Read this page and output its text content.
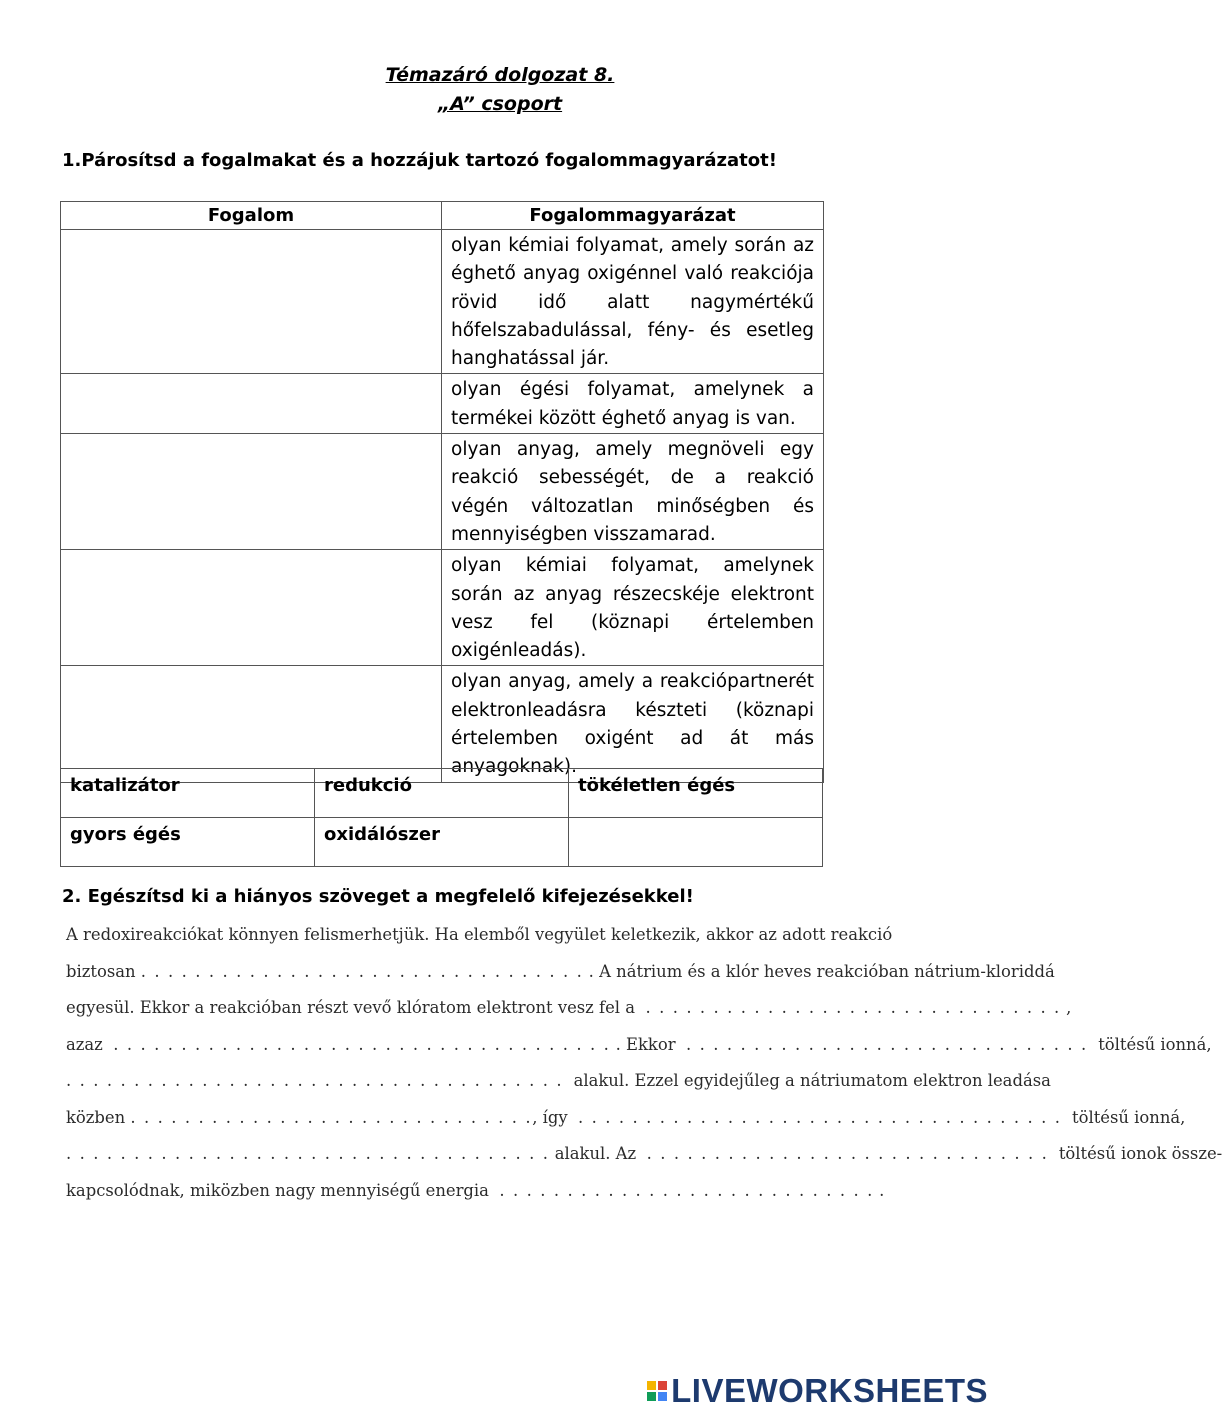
Témazáró dolgozat 8.
„A” csoport
1.Párosítsd a fogalmakat és a hozzájuk tartozó fogalommagyarázatot!
Fogalom	Fogalommagyarázat
	olyan kémiai folyamat, amely során az éghető anyag oxigénnel való reakciója rövid idő alatt nagymértékű hőfelszabadulással, fény- és esetleg hanghatással jár.
	olyan égési folyamat, amelynek a termékei között éghető anyag is van.
	olyan anyag, amely megnöveli egy reakció sebességét, de a reakció végén változatlan minőségben és mennyiségben visszamarad.
	olyan kémiai folyamat, amelynek során az anyag részecskéje elektront vesz fel (köznapi értelemben oxigénleadás).
	olyan anyag, amely a reakciópartnerét elektronleadásra készteti (köznapi értelemben oxigént ad át más anyagoknak).
katalizátor	redukció	tökéletlen égés
gyors égés	oxidálószer	
2. Egészítsd ki a hiányos szöveget a megfelelő kifejezésekkel!
A redoxireakciókat könnyen felismerhetjük. Ha elemből vegyület keletkezik, akkor az adott reakció
biztosan . . . . . . . . . . . . . . . . . . . . . . . . . . . . . . . . . . A nátrium és a klór heves reakcióban nátrium-kloriddá
egyesül. Ekkor a reakcióban részt vevő klóratom elektront vesz fel a . . . . . . . . . . . . . . . . . . . . . . . . . . . . . . . ,
azaz . . . . . . . . . . . . . . . . . . . . . . . . . . . . . . . . . . . . . . Ekkor . . . . . . . . . . . . . . . . . . . . . . . . . . . . . . töltésű ionná,
. . . . . . . . . . . . . . . . . . . . . . . . . . . . . . . . . . . . . alakul. Ezzel egyidejűleg a nátriumatom elektron leadása
közben . . . . . . . . . . . . . . . . . . . . . . . . . . . . . ., így . . . . . . . . . . . . . . . . . . . . . . . . . . . . . . . . . . . . töltésű ionná,
. . . . . . . . . . . . . . . . . . . . . . . . . . . . . . . . . . . . alakul. Az . . . . . . . . . . . . . . . . . . . . . . . . . . . . . . töltésű ionok össze-
kapcsolódnak, miközben nagy mennyiségű energia . . . . . . . . . . . . . . . . . . . . . . . . . . . . .
LIVEWORKSHEETS
